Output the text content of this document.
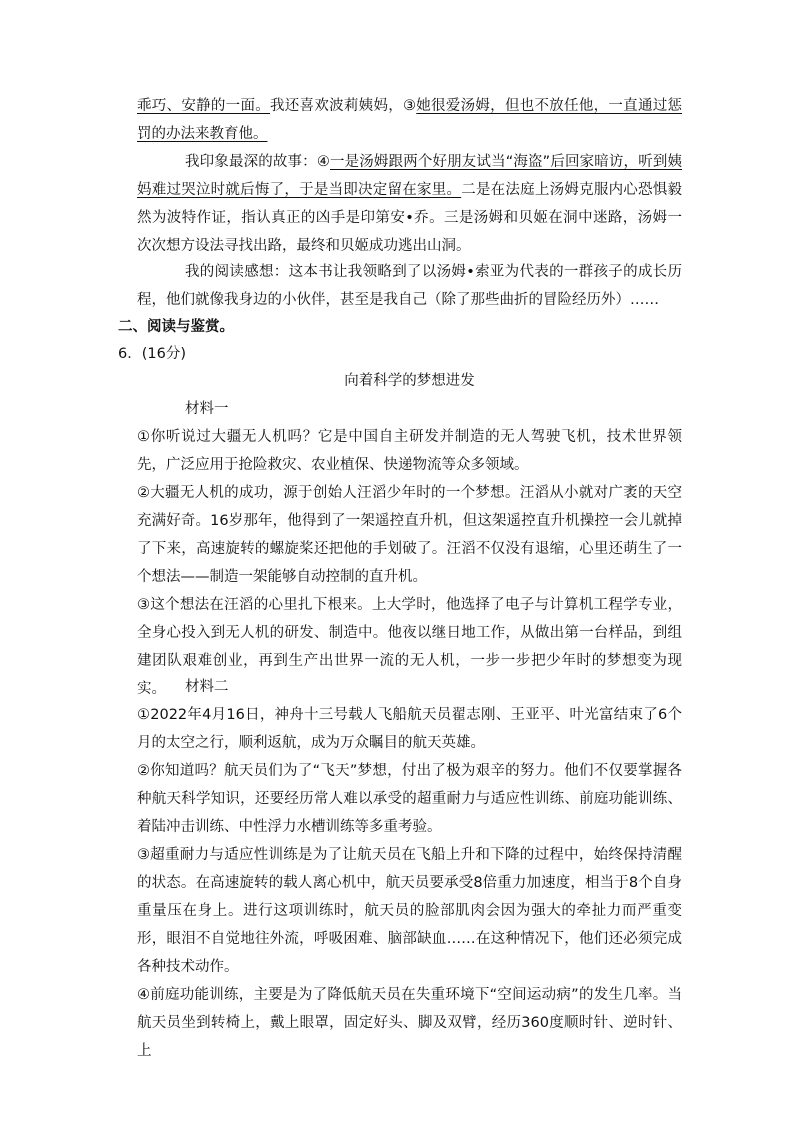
乖巧、安静的一面。我还喜欢波莉姨妈，③她很爱汤姆，但也不放任他，一直通过惩罚的办法来教育他。

我印象最深的故事：④一是汤姆跟两个好朋友试当“海盗”后回家暗访，听到姨妈难过哭泣时就后悔了，于是当即决定留在家里。二是在法庭上汤姆克服内心恐惧毅然为波特作证，指认真正的凶手是印第安•乔。三是汤姆和贝姬在洞中迷路，汤姆一次次想方设法寻找出路，最终和贝姬成功逃出山洞。

我的阅读感想：这本书让我领略到了以汤姆•索亚为代表的一群孩子的成长历程，他们就像我身边的小伙伴，甚至是我自己（除了那些曲折的冒险经历外）……

二、阅读与鉴赏。

6．(16分)

向着科学的梦想进发

材料一

①你听说过大疆无人机吗？它是中国自主研发并制造的无人驾驶飞机，技术世界领先，广泛应用于抢险救灾、农业植保、快递物流等众多领域。

②大疆无人机的成功，源于创始人汪滔少年时的一个梦想。汪滔从小就对广袤的天空充满好奇。16岁那年，他得到了一架遥控直升机，但这架遥控直升机操控一会儿就掉了下来，高速旋转的螺旋桨还把他的手划破了。汪滔不仅没有退缩，心里还萌生了一个想法——制造一架能够自动控制的直升机。

③这个想法在汪滔的心里扎下根来。上大学时，他选择了电子与计算机工程学专业，全身心投入到无人机的研发、制造中。他夜以继日地工作，从做出第一台样品，到组建团队艰难创业，再到生产出世界一流的无人机，一步一步把少年时的梦想变为现实。	材料二

①2022年4月16日，神舟十三号载人飞船航天员翟志刚、王亚平、叶光富结束了6个月的太空之行，顺利返航，成为万众瞩目的航天英雄。

②你知道吗？航天员们为了“飞天”梦想，付出了极为艰辛的努力。他们不仅要掌握各种航天科学知识，还要经历常人难以承受的超重耐力与适应性训练、前庭功能训练、着陆冲击训练、中性浮力水槽训练等多重考验。

③超重耐力与适应性训练是为了让航天员在飞船上升和下降的过程中，始终保持清醒的状态。在高速旋转的载人离心机中，航天员要承受8倍重力加速度，相当于8个自身重量压在身上。进行这项训练时，航天员的脸部肌肉会因为强大的牵扯力而严重变形，眼泪不自觉地往外流，呼吸困难、脑部缺血……在这种情况下，他们还必须完成各种技术动作。

④前庭功能训练，主要是为了降低航天员在失重环境下“空间运动病”的发生几率。当航天员坐到转椅上，戴上眼罩，固定好头、脚及双臂，经历360度顺时针、逆时针、上
